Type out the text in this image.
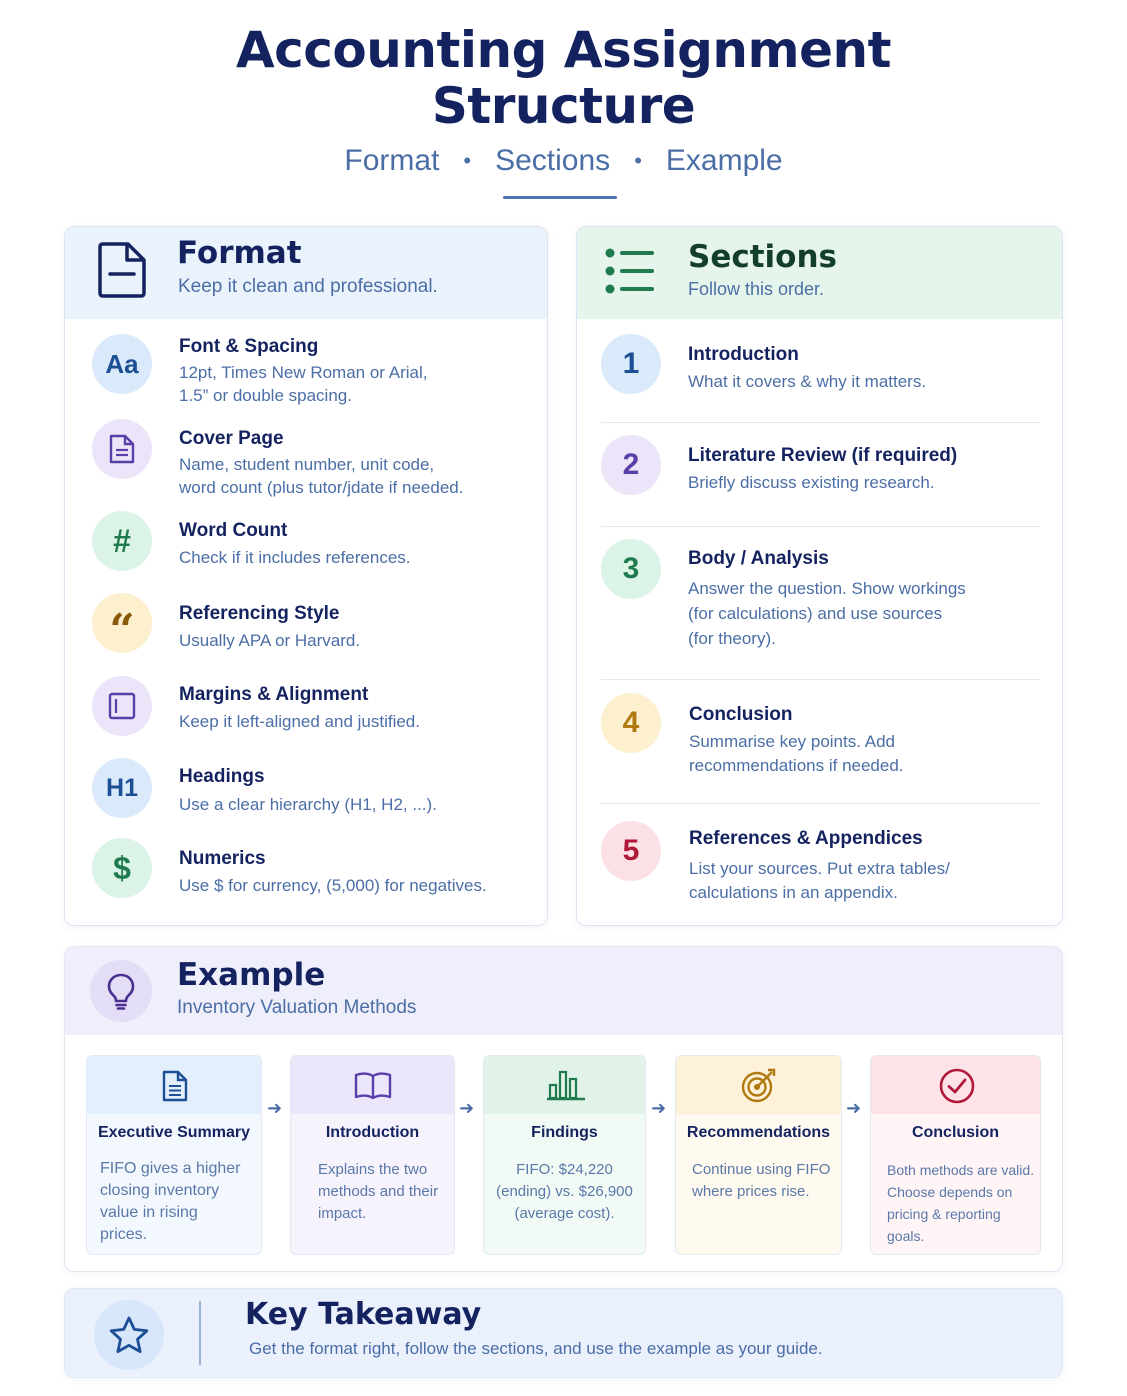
Accounting Assignment
Structure
Format • Sections • Example
Format
Keep it clean and professional.
Aa
Font & Spacing
12pt, Times New Roman or Arial,
1.5” or double spacing.
Cover Page
Name, student number, unit code,
word count (plus tutor/jdate if needed.
#	Word Count
Check if it includes references.
“ Referencing Style
Usually APA or Harvard.
Margins & Alignment
Keep it left-aligned and justified.
H1 Headings
Use a clear hierarchy (H1, H2, ...).
$	Numerics
Use $ for currency, (5,000) for negatives.
Sections
Follow this order.
1	Introduction
What it covers & why it matters.
2	Literature Review (if required)
Briefly discuss existing research.
3	Body / Analysis
Answer the question. Show workings
(for calculations) and use sources
(for theory).
4	Conclusion
Summarise key points. Add
recommendations if needed.
5	References & Appendices
List your sources. Put extra tables/
calculations in an appendix.
Example
Inventory Valuation Methods
Executive Summary
FIFO gives a higher
closing inventory
value in rising
prices.
➜
Introduction
Explains the two
methods and their
impact.
➜
Findings
FIFO: $24,220
(ending) vs. $26,900
(average cost).
➜
Recommendations
Continue using FIFO
where prices rise.
➜
Conclusion
Both methods are valid.
Choose depends on
pricing & reporting
goals.
Key Takeaway
Get the format right, follow the sections, and use the example as your guide.
